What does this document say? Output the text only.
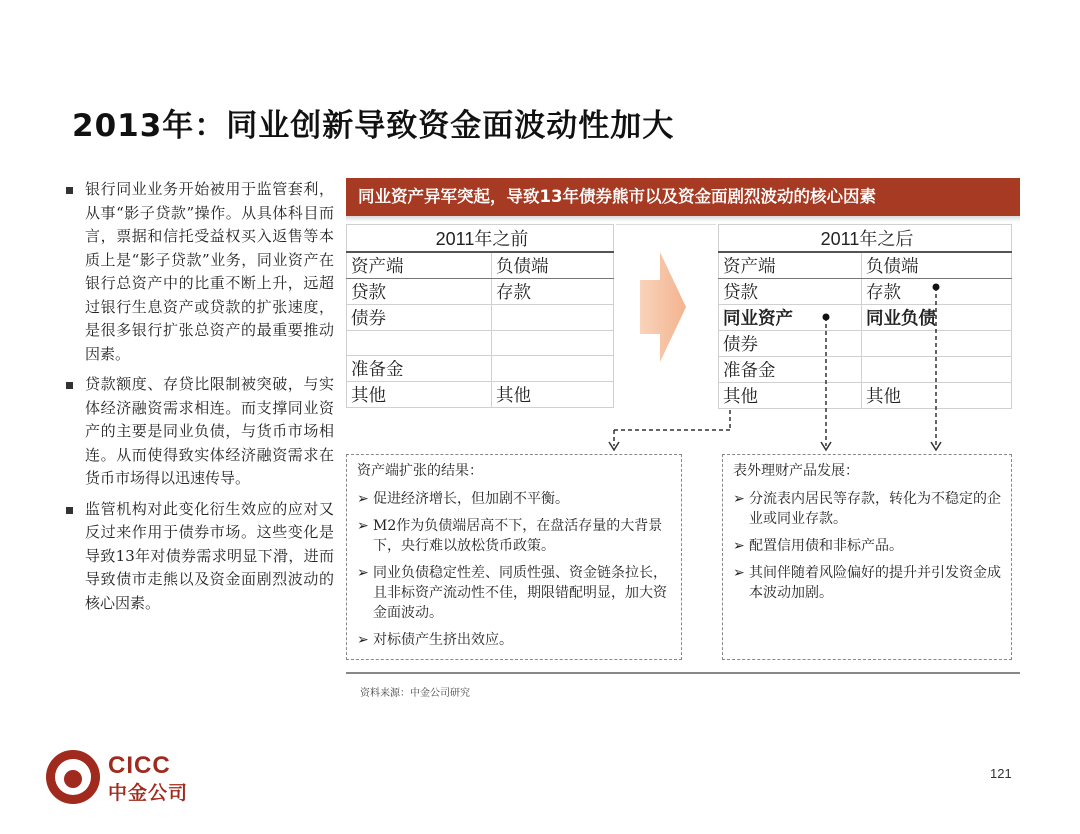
2013年：同业创新导致资金面波动性加大
银行同业业务开始被用于监管套利，从事“影子贷款”操作。从具体科目而言，票据和信托受益权买入返售等本质上是“影子贷款”业务，同业资产在银行总资产中的比重不断上升，远超过银行生息资产或贷款的扩张速度，是很多银行扩张总资产的最重要推动因素。
贷款额度、存贷比限制被突破，与实体经济融资需求相连。而支撑同业资产的主要是同业负债，与货币市场相连。从而使得致实体经济融资需求在货币市场得以迅速传导。
监管机构对此变化衍生效应的应对又反过来作用于债券市场。这些变化是导致13年对债券需求明显下滑，进而导致债市走熊以及资金面剧烈波动的核心因素。
同业资产异军突起，导致13年债券熊市以及资金面剧烈波动的核心因素
2011年之前	
资产端	负债端
贷款	存款
债券	

准备金	
其他	其他
2011年之后	
资产端	负债端
贷款	存款
同业资产	同业负债
债券	
准备金	
其他	其他
资产端扩张的结果：
➢ 促进经济增长，但加剧不平衡。
➢ M2作为负债端居高不下，在盘活存量的大背景下，央行难以放松货币政策。
➢ 同业负债稳定性差、同质性强、资金链条拉长，且非标资产流动性不佳，期限错配明显，加大资金面波动。
➢ 对标债产生挤出效应。
表外理财产品发展：
➢ 分流表内居民等存款，转化为不稳定的企业或同业存款。
➢ 配置信用债和非标产品。
➢ 其间伴随着风险偏好的提升并引发资金成本波动加剧。
资料来源：中金公司研究
CICC
中金公司
121
